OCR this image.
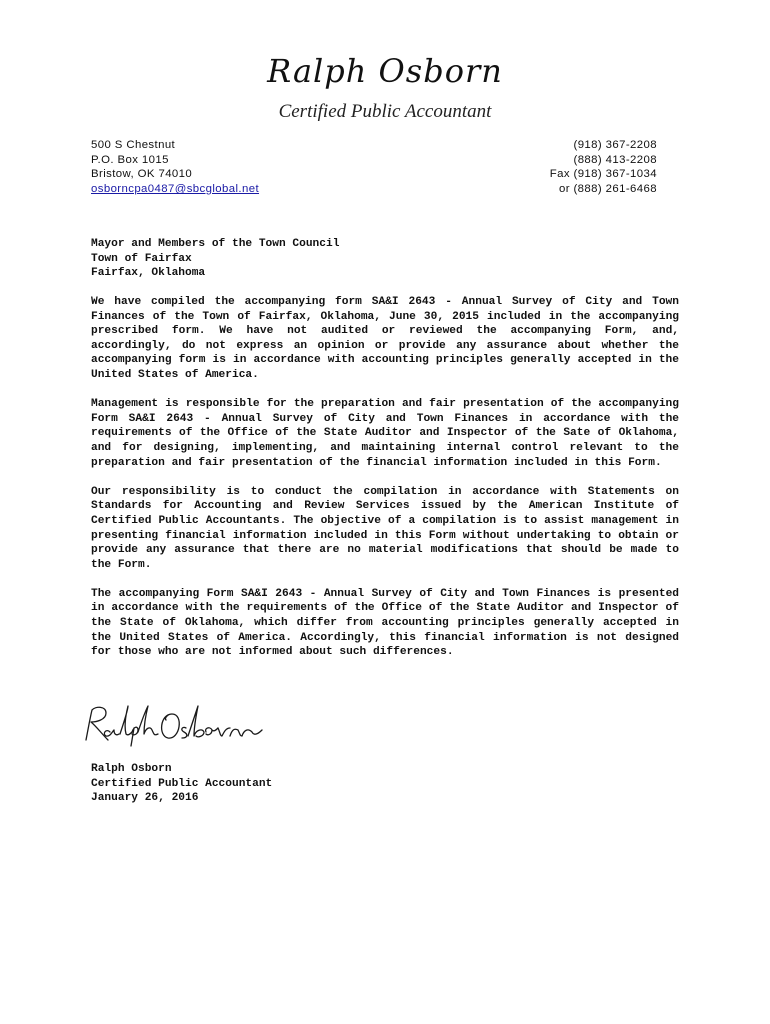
Ralph Osborn
Certified Public Accountant
500 S Chestnut
P.O. Box 1015
Bristow, OK 74010
osborncpa0487@sbcglobal.net
(918) 367-2208
(888) 413-2208
Fax (918) 367-1034
or (888) 261-6468
Mayor and Members of the Town Council
Town of Fairfax
Fairfax, Oklahoma

We have compiled the accompanying form SA&I 2643 - Annual Survey of City and Town Finances of the Town of Fairfax, Oklahoma, June 30, 2015 included in the accompanying prescribed form. We have not audited or reviewed the accompanying Form, and, accordingly, do not express an opinion or provide any assurance about whether the accompanying form is in accordance with accounting principles generally accepted in the United States of America.

Management is responsible for the preparation and fair presentation of the accompanying Form SA&I 2643 - Annual Survey of City and Town Finances in accordance with the requirements of the Office of the State Auditor and Inspector of the Sate of Oklahoma, and for designing, implementing, and maintaining internal control relevant to the preparation and fair presentation of the financial information included in this Form.

Our responsibility is to conduct the compilation in accordance with Statements on Standards for Accounting and Review Services issued by the American Institute of Certified Public Accountants. The objective of a compilation is to assist management in presenting financial information included in this Form without undertaking to obtain or provide any assurance that there are no material modifications that should be made to the Form.

The accompanying Form SA&I 2643 - Annual Survey of City and Town Finances is presented in accordance with the requirements of the Office of the State Auditor and Inspector of the State of Oklahoma, which differ from accounting principles generally accepted in the United States of America. Accordingly, this financial information is not designed for those who are not informed about such differences.

Ralph Osborn
Certified Public Accountant
January 26, 2016
